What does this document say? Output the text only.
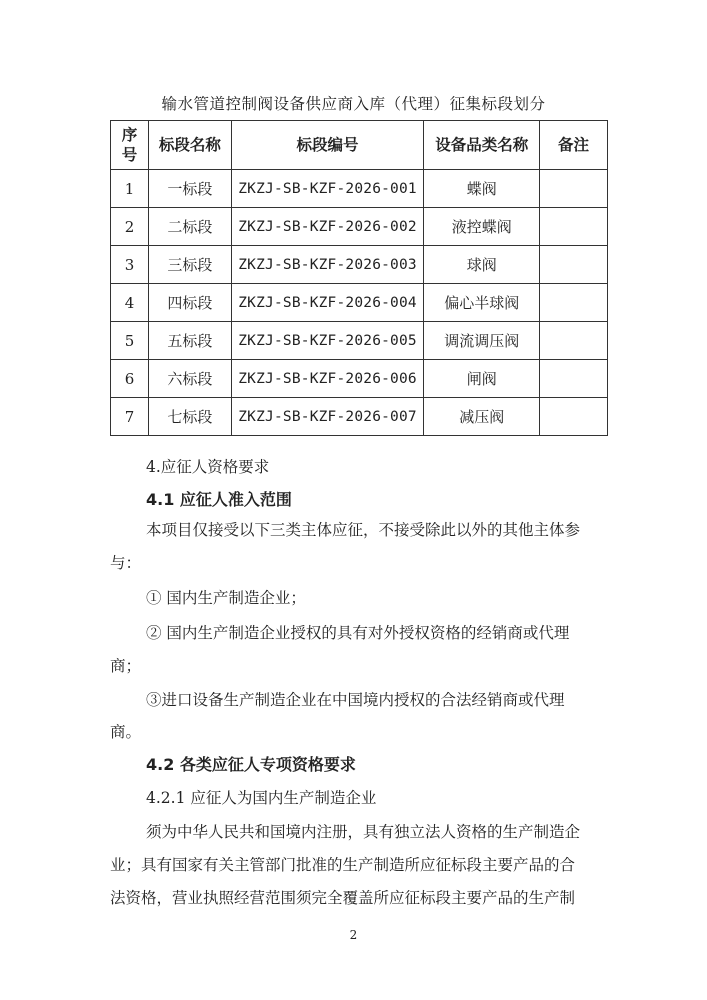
输水管道控制阀设备供应商入库（代理）征集标段划分
序号	标段名称	标段编号	设备品类名称	备注
1	一标段	ZKZJ-SB-KZF-2026-001	蝶阀	
2	二标段	ZKZJ-SB-KZF-2026-002	液控蝶阀	
3	三标段	ZKZJ-SB-KZF-2026-003	球阀	
4	四标段	ZKZJ-SB-KZF-2026-004	偏心半球阀	
5	五标段	ZKZJ-SB-KZF-2026-005	调流调压阀	
6	六标段	ZKZJ-SB-KZF-2026-006	闸阀	
7	七标段	ZKZJ-SB-KZF-2026-007	减压阀	
4.应征人资格要求
4.1 应征人准入范围
本项目仅接受以下三类主体应征，不接受除此以外的其他主体参
与：
① 国内生产制造企业；
② 国内生产制造企业授权的具有对外授权资格的经销商或代理
商；
③进口设备生产制造企业在中国境内授权的合法经销商或代理
商。
4.2 各类应征人专项资格要求
4.2.1 应征人为国内生产制造企业
须为中华人民共和国境内注册，具有独立法人资格的生产制造企
业；具有国家有关主管部门批准的生产制造所应征标段主要产品的合
法资格，营业执照经营范围须完全覆盖所应征标段主要产品的生产制
2
